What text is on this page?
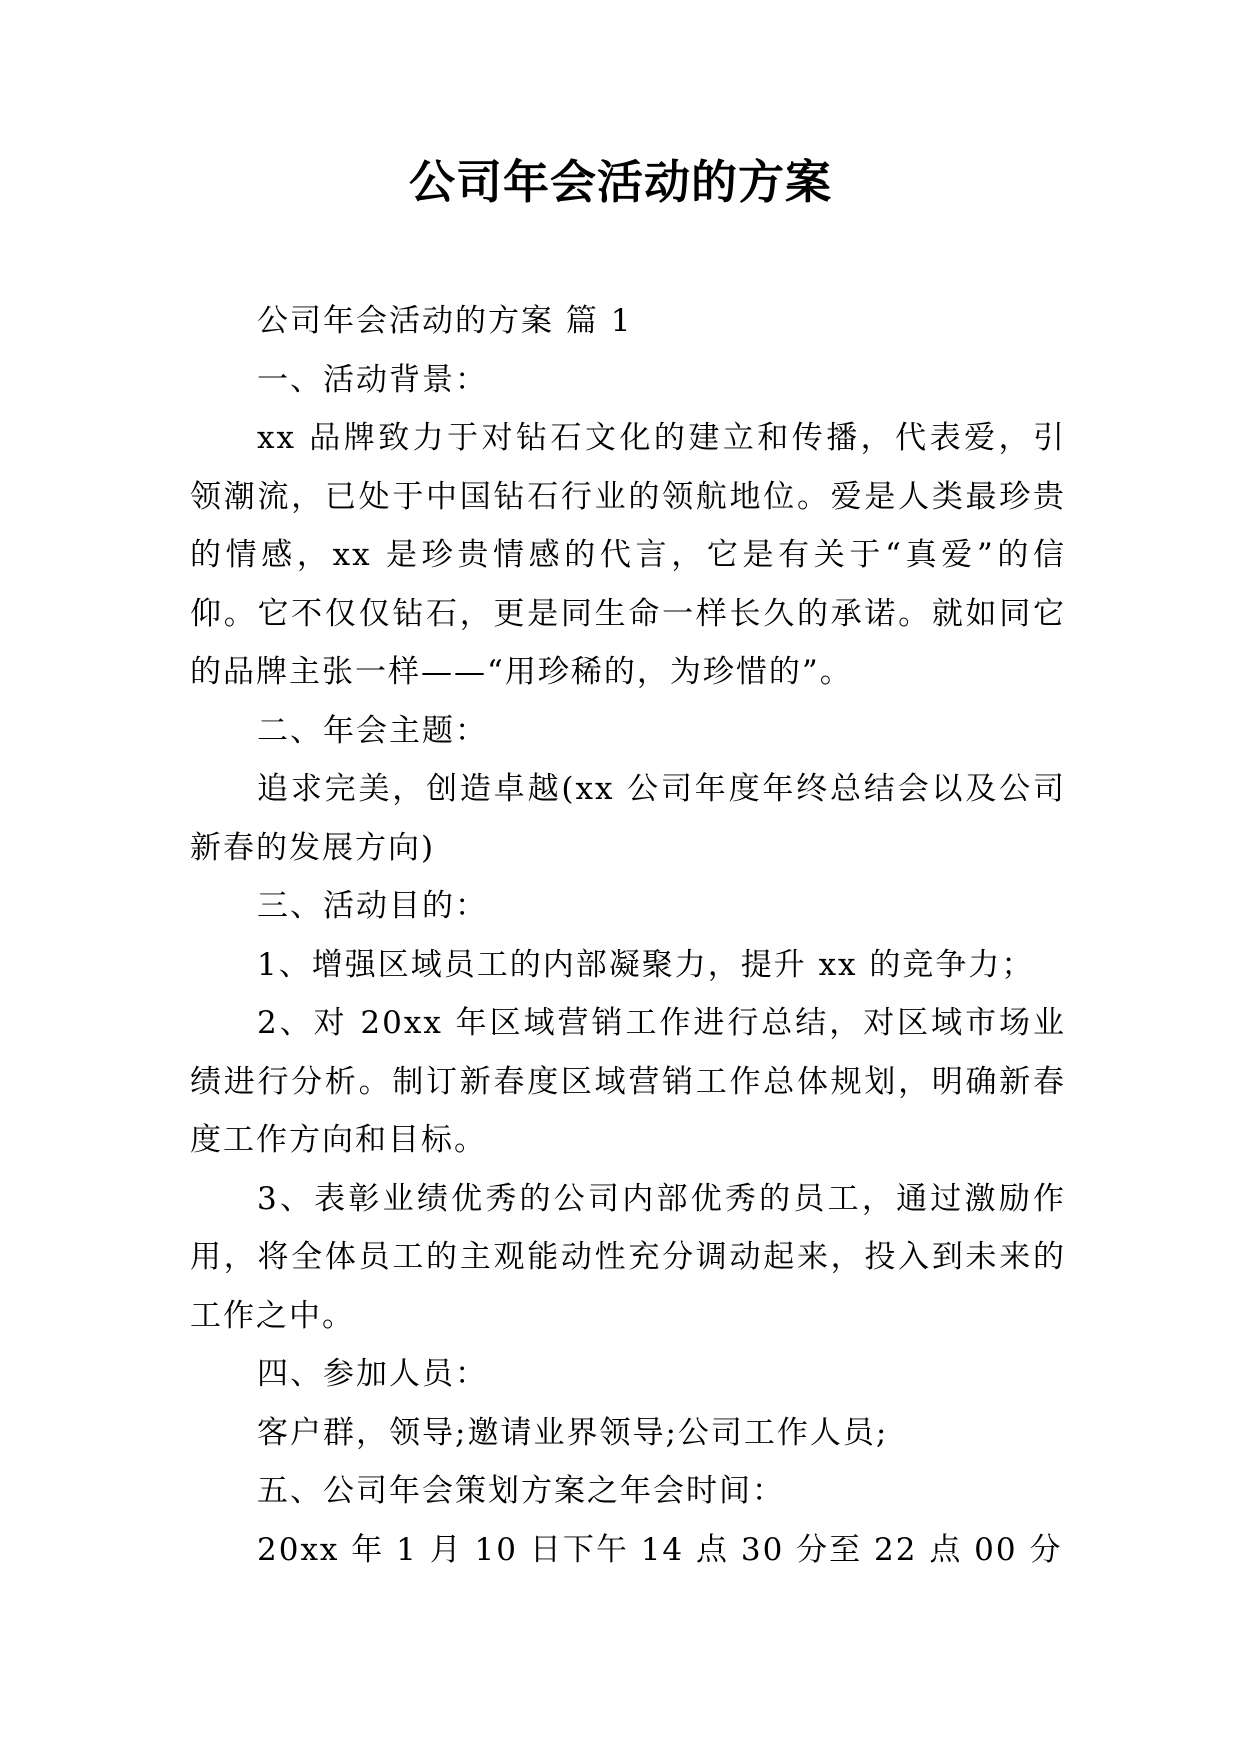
公司年会活动的方案

公司年会活动的方案 篇 1

一、活动背景：

xx 品牌致力于对钻石文化的建立和传播，代表爱，引领潮流，已处于中国钻石行业的领航地位。爱是人类最珍贵的情感，xx 是珍贵情感的代言，它是有关于“真爱”的信仰。它不仅仅钻石，更是同生命一样长久的承诺。就如同它的品牌主张一样——“用珍稀的，为珍惜的”。

二、年会主题：

追求完美，创造卓越(xx 公司年度年终总结会以及公司新春的发展方向)

三、活动目的：

1、增强区域员工的内部凝聚力，提升 xx 的竞争力；

2、对 20xx 年区域营销工作进行总结，对区域市场业绩进行分析。制订新春度区域营销工作总体规划，明确新春度工作方向和目标。

3、表彰业绩优秀的公司内部优秀的员工，通过激励作用，将全体员工的主观能动性充分调动起来，投入到未来的工作之中。

四、参加人员：

客户群，领导;邀请业界领导;公司工作人员;

五、公司年会策划方案之年会时间：

20xx 年 1 月 10 日下午 14 点 30 分至 22 点 00 分
